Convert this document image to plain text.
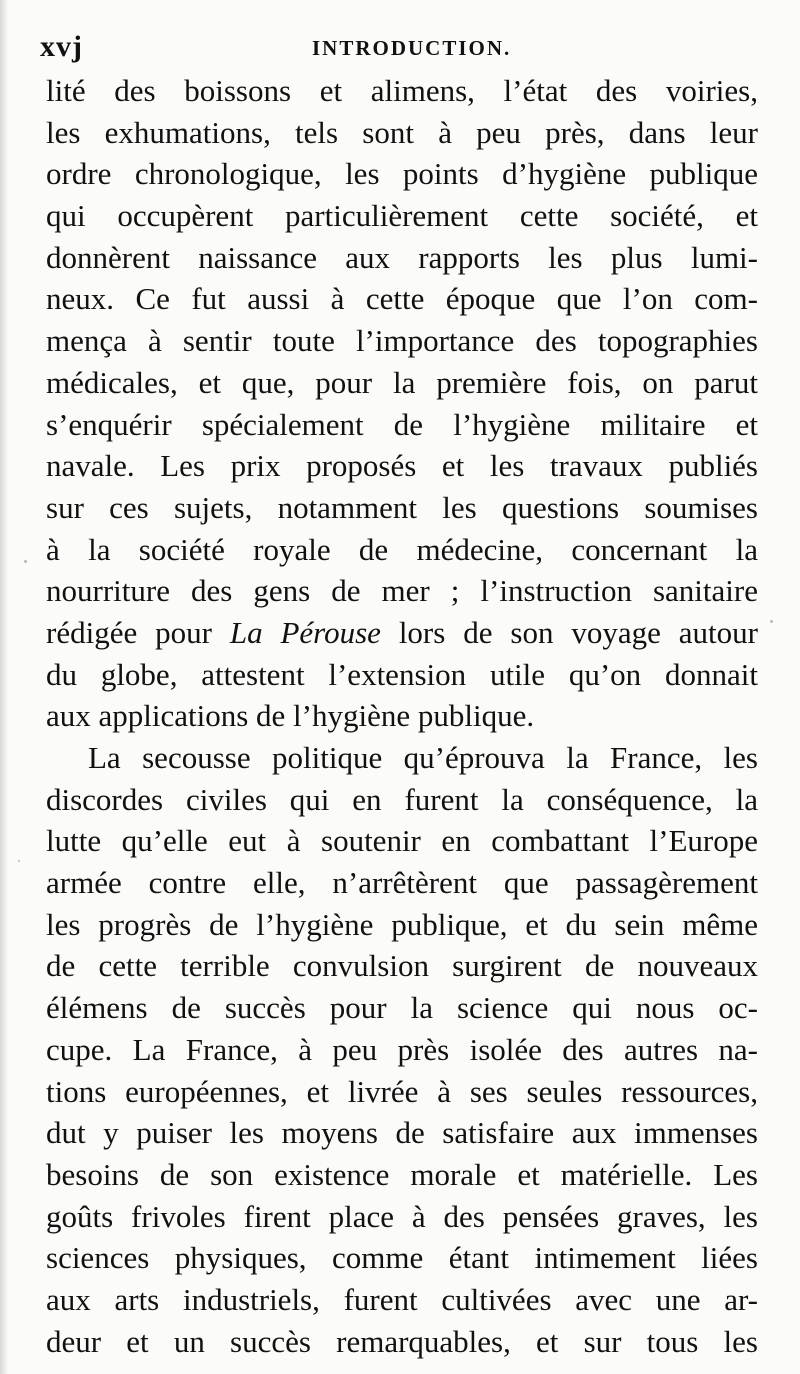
xvj	INTRODUCTION.
lité des boissons et alimens, l’état des voiries,
les exhumations, tels sont à peu près, dans leur
ordre chronologique, les points d’hygiène publique
qui occupèrent particulièrement cette société, et
donnèrent naissance aux rapports les plus lumi-
neux. Ce fut aussi à cette époque que l’on com-
mença à sentir toute l’importance des topographies
médicales, et que, pour la première fois, on parut
s’enquérir spécialement de l’hygiène militaire et
navale. Les prix proposés et les travaux publiés
sur ces sujets, notamment les questions soumises
à la société royale de médecine, concernant la
nourriture des gens de mer ; l’instruction sanitaire
rédigée pour La Pérouse lors de son voyage autour
du globe, attestent l’extension utile qu’on donnait
aux applications de l’hygiène publique.
La secousse politique qu’éprouva la France, les
discordes civiles qui en furent la conséquence, la
lutte qu’elle eut à soutenir en combattant l’Europe
armée contre elle, n’arrêtèrent que passagèrement
les progrès de l’hygiène publique, et du sein même
de cette terrible convulsion surgirent de nouveaux
élémens de succès pour la science qui nous oc-
cupe. La France, à peu près isolée des autres na-
tions européennes, et livrée à ses seules ressources,
dut y puiser les moyens de satisfaire aux immenses
besoins de son existence morale et matérielle. Les
goûts frivoles firent place à des pensées graves, les
sciences physiques, comme étant intimement liées
aux arts industriels, furent cultivées avec une ar-
deur et un succès remarquables, et sur tous les
